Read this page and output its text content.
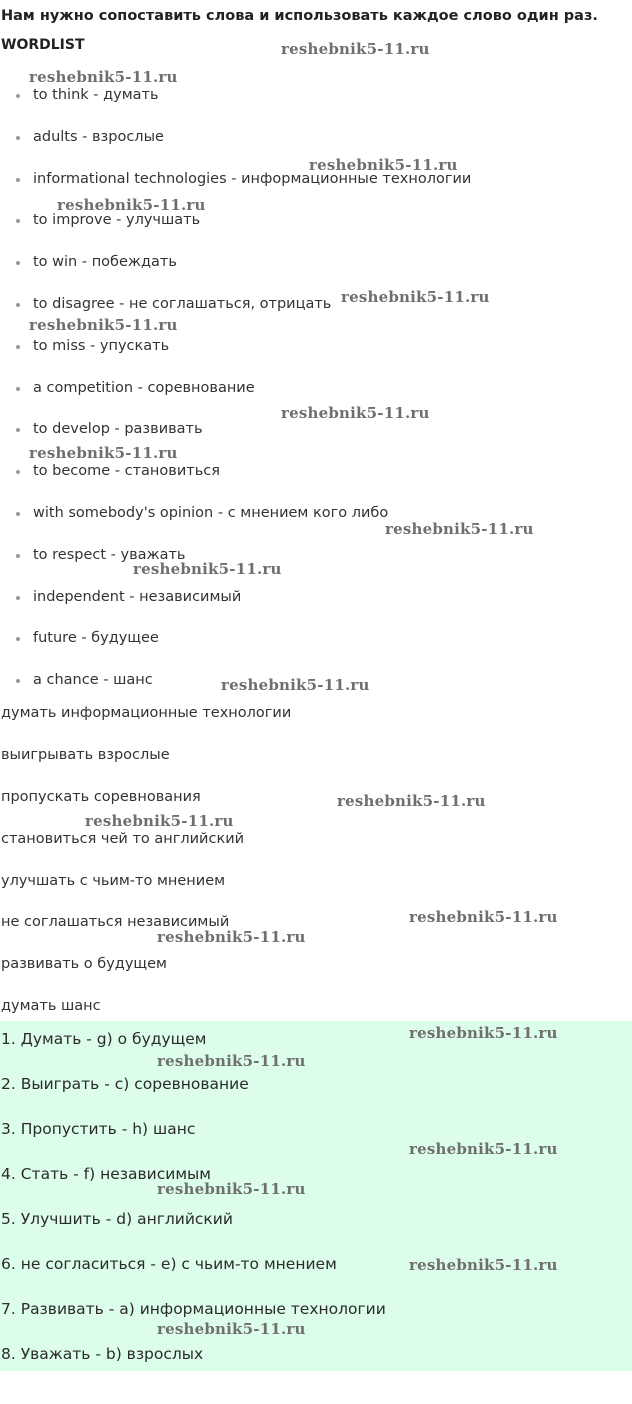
Нам нужно сопоставить слова и использовать каждое слово один раз.
WORDLIST
to think - думать
adults - взрослые
informational technologies - информационные технологии
to improve - улучшать
to win - побеждать
to disagree - не соглашаться, отрицать
to miss - упускать
a competition - соревнование
to develop - развивать
to become - становиться
with somebody's opinion - с мнением кого либо
to respect - уважать
independent - независимый
future - будущее
a chance - шанс
думать информационные технологии
выигрывать взрослые
пропускать соревнования
становиться чей то английский
улучшать с чьим-то мнением
не соглашаться независимый
развивать о будущем
думать шанс
1. Думать - g) о будущем
2. Выиграть - c) соревнование
3. Пропустить - h) шанс
4. Стать - f) независимым
5. Улучшить - d) английский
6. не согласиться - e) с чьим-то мнением
7. Развивать - a) информационные технологии
8. Уважать - b) взрослых
reshebnik5-11.ru
reshebnik5-11.ru
reshebnik5-11.ru
reshebnik5-11.ru
reshebnik5-11.ru
reshebnik5-11.ru
reshebnik5-11.ru
reshebnik5-11.ru
reshebnik5-11.ru
reshebnik5-11.ru
reshebnik5-11.ru
reshebnik5-11.ru
reshebnik5-11.ru
reshebnik5-11.ru
reshebnik5-11.ru
reshebnik5-11.ru
reshebnik5-11.ru
reshebnik5-11.ru
reshebnik5-11.ru
reshebnik5-11.ru
reshebnik5-11.ru
